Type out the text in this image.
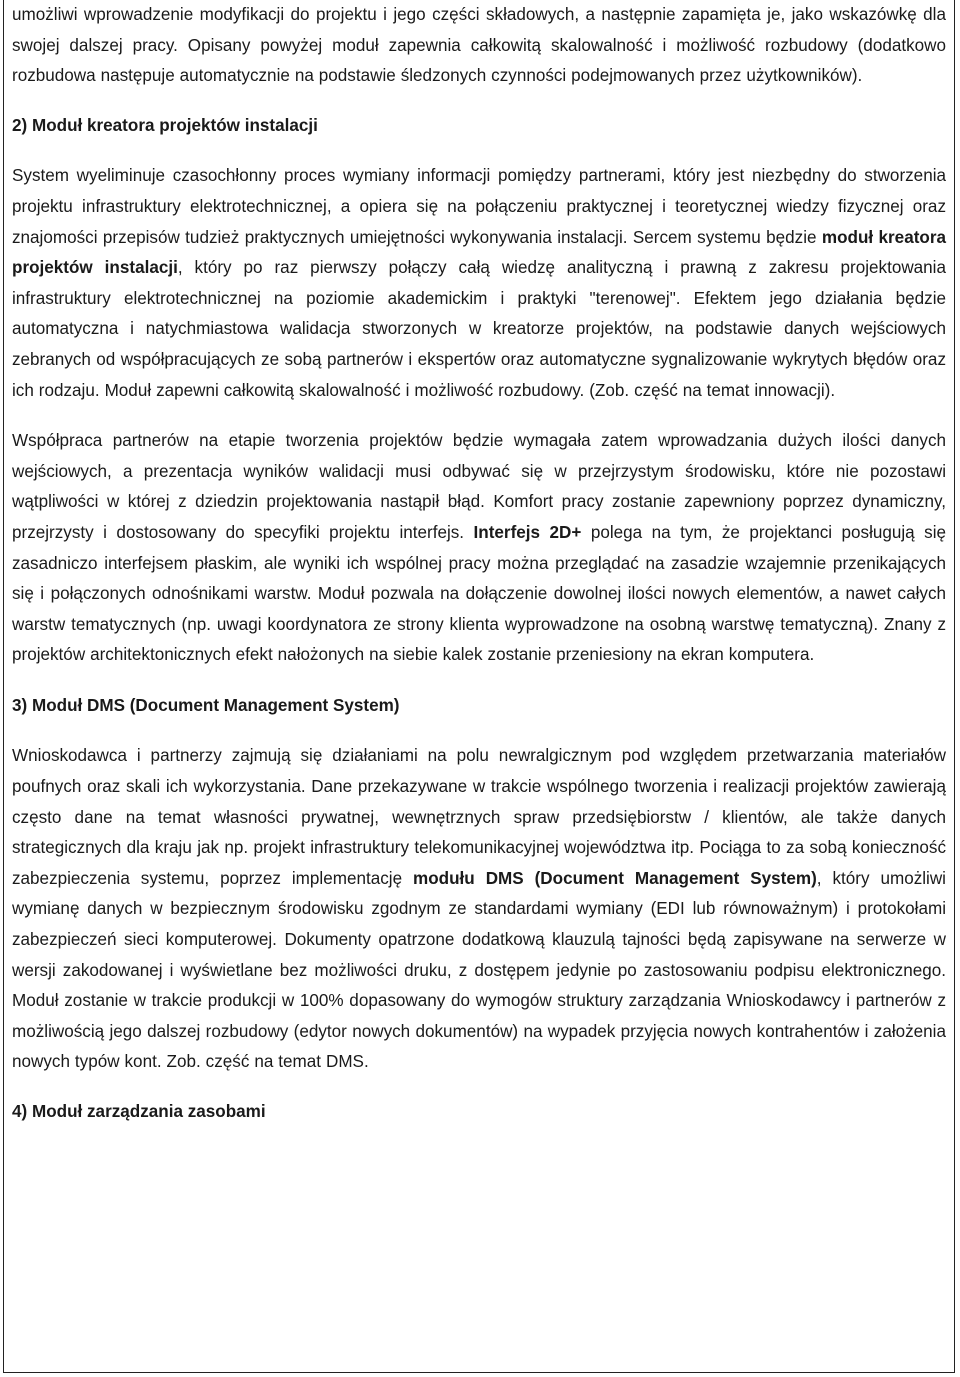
umożliwi wprowadzenie modyfikacji do projektu i jego części składowych, a następnie zapamięta je, jako wskazówkę dla swojej dalszej pracy. Opisany powyżej moduł zapewnia całkowitą skalowalność i możliwość rozbudowy (dodatkowo rozbudowa następuje automatycznie na podstawie śledzonych czynności podejmowanych przez użytkowników).

2) Moduł kreatora projektów instalacji

System wyeliminuje czasochłonny proces wymiany informacji pomiędzy partnerami, który jest niezbędny do stworzenia projektu infrastruktury elektrotechnicznej, a opiera się na połączeniu praktycznej i teoretycznej wiedzy fizycznej oraz znajomości przepisów tudzież praktycznych umiejętności wykonywania instalacji. Sercem systemu będzie moduł kreatora projektów instalacji, który po raz pierwszy połączy całą wiedzę analityczną i prawną z zakresu projektowania infrastruktury elektrotechnicznej na poziomie akademickim i praktyki "terenowej". Efektem jego działania będzie automatyczna i natychmiastowa walidacja stworzonych w kreatorze projektów, na podstawie danych wejściowych zebranych od współpracujących ze sobą partnerów i ekspertów oraz automatyczne sygnalizowanie wykrytych błędów oraz ich rodzaju. Moduł zapewni całkowitą skalowalność i możliwość rozbudowy. (Zob. część na temat innowacji).

Współpraca partnerów na etapie tworzenia projektów będzie wymagała zatem wprowadzania dużych ilości danych wejściowych, a prezentacja wyników walidacji musi odbywać się w przejrzystym środowisku, które nie pozostawi wątpliwości w której z dziedzin projektowania nastąpił błąd. Komfort pracy zostanie zapewniony poprzez dynamiczny, przejrzysty i dostosowany do specyfiki projektu interfejs. Interfejs 2D+ polega na tym, że projektanci posługują się zasadniczo interfejsem płaskim, ale wyniki ich wspólnej pracy można przeglądać na zasadzie wzajemnie przenikających się i połączonych odnośnikami warstw. Moduł pozwala na dołączenie dowolnej ilości nowych elementów, a nawet całych warstw tematycznych (np. uwagi koordynatora ze strony klienta wyprowadzone na osobną warstwę tematyczną). Znany z projektów architektonicznych efekt nałożonych na siebie kalek zostanie przeniesiony na ekran komputera.

3) Moduł DMS (Document Management System)

Wnioskodawca i partnerzy zajmują się działaniami na polu newralgicznym pod względem przetwarzania materiałów poufnych oraz skali ich wykorzystania. Dane przekazywane w trakcie wspólnego tworzenia i realizacji projektów zawierają często dane na temat własności prywatnej, wewnętrznych spraw przedsiębiorstw / klientów, ale także danych strategicznych dla kraju jak np. projekt infrastruktury telekomunikacyjnej województwa itp. Pociąga to za sobą konieczność zabezpieczenia systemu, poprzez implementację modułu DMS (Document Management System), który umożliwi wymianę danych w bezpiecznym środowisku zgodnym ze standardami wymiany (EDI lub równoważnym) i protokołami zabezpieczeń sieci komputerowej. Dokumenty opatrzone dodatkową klauzulą tajności będą zapisywane na serwerze w wersji zakodowanej i wyświetlane bez możliwości druku, z dostępem jedynie po zastosowaniu podpisu elektronicznego. Moduł zostanie w trakcie produkcji w 100% dopasowany do wymogów struktury zarządzania Wnioskodawcy i partnerów z możliwością jego dalszej rozbudowy (edytor nowych dokumentów) na wypadek przyjęcia nowych kontrahentów i założenia nowych typów kont. Zob. część na temat DMS.

4) Moduł zarządzania zasobami
